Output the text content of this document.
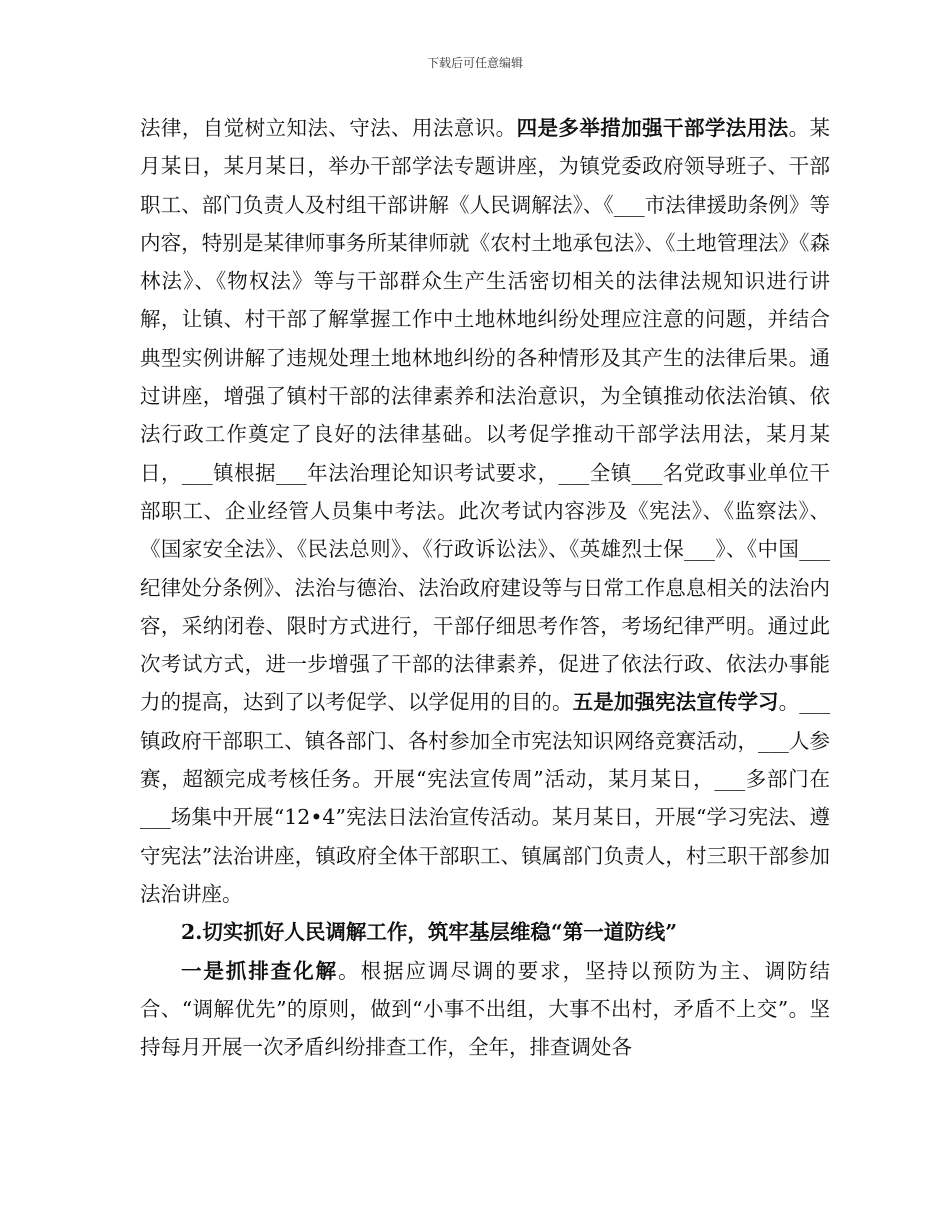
下载后可任意编辑

法律，自觉树立知法、守法、用法意识。四是多举措加强干部学法用法。某月某日，某月某日，举办干部学法专题讲座，为镇党委政府领导班子、干部职工、部门负责人及村组干部讲解《人民调解法》、《___市法律援助条例》等内容，特别是某律师事务所某律师就《农村土地承包法》、《土地管理法》《森林法》、《物权法》等与干部群众生产生活密切相关的法律法规知识进行讲解，让镇、村干部了解掌握工作中土地林地纠纷处理应注意的问题，并结合典型实例讲解了违规处理土地林地纠纷的各种情形及其产生的法律后果。通过讲座，增强了镇村干部的法律素养和法治意识，为全镇推动依法治镇、依法行政工作奠定了良好的法律基础。以考促学推动干部学法用法，某月某日，___镇根据___年法治理论知识考试要求，___全镇___名党政事业单位干部职工、企业经管人员集中考法。此次考试内容涉及《宪法》、《监察法》、《国家安全法》、《民法总则》、《行政诉讼法》、《英雄烈士保___》、《中国___纪律处分条例》、法治与德治、法治政府建设等与日常工作息息相关的法治内容，采纳闭卷、限时方式进行，干部仔细思考作答，考场纪律严明。通过此次考试方式，进一步增强了干部的法律素养，促进了依法行政、依法办事能力的提高，达到了以考促学、以学促用的目的。五是加强宪法宣传学习。___镇政府干部职工、镇各部门、各村参加全市宪法知识网络竞赛活动，___人参赛，超额完成考核任务。开展“宪法宣传周”活动，某月某日，___多部门在___场集中开展“12•4”宪法日法治宣传活动。某月某日，开展“学习宪法、遵守宪法”法治讲座，镇政府全体干部职工、镇属部门负责人，村三职干部参加法治讲座。

2.切实抓好人民调解工作，筑牢基层维稳“第一道防线”

一是抓排查化解。根据应调尽调的要求，坚持以预防为主、调防结合、“调解优先”的原则，做到“小事不出组，大事不出村，矛盾不上交”。坚持每月开展一次矛盾纠纷排查工作，全年，排查调处各
